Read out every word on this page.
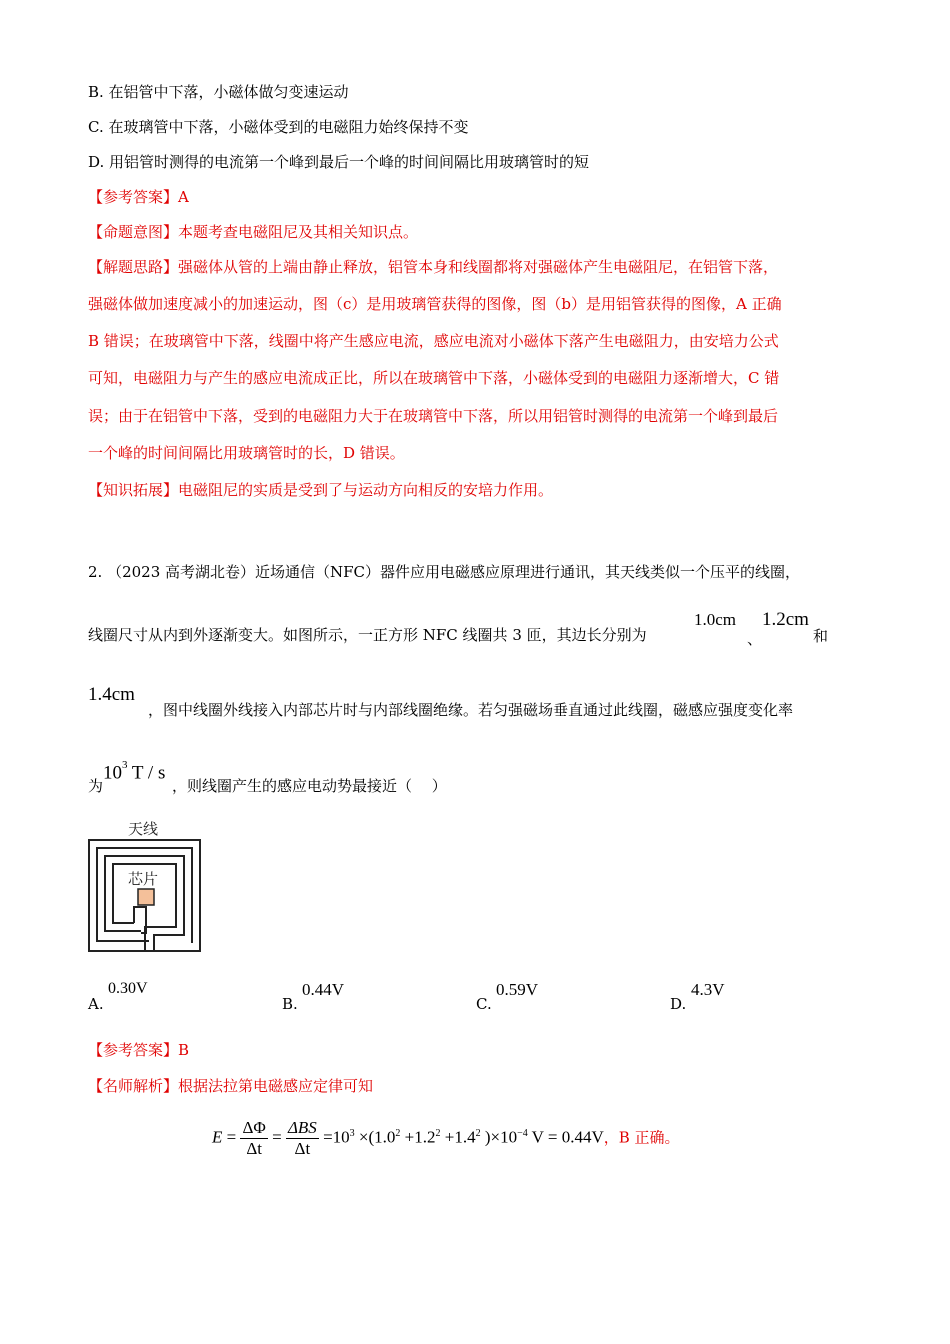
B. 在铝管中下落，小磁体做匀变速运动
C. 在玻璃管中下落，小磁体受到的电磁阻力始终保持不变
D. 用铝管时测得的电流第一个峰到最后一个峰的时间间隔比用玻璃管时的短
【参考答案】A
【命题意图】本题考查电磁阻尼及其相关知识点。
【解题思路】强磁体从管的上端由静止释放，铝管本身和线圈都将对强磁体产生电磁阻尼，在铝管下落，
强磁体做加速度减小的加速运动，图（c）是用玻璃管获得的图像，图（b）是用铝管获得的图像，A 正确
B 错误；在玻璃管中下落，线圈中将产生感应电流，感应电流对小磁体下落产生电磁阻力，由安培力公式
可知，电磁阻力与产生的感应电流成正比，所以在玻璃管中下落，小磁体受到的电磁阻力逐渐增大，C 错
误；由于在铝管中下落，受到的电磁阻力大于在玻璃管中下落，所以用铝管时测得的电流第一个峰到最后
一个峰的时间间隔比用玻璃管时的长，D 错误。
【知识拓展】电磁阻尼的实质是受到了与运动方向相反的安培力作用。
2. （2023 高考湖北卷）近场通信（NFC）器件应用电磁感应原理进行通讯，其天线类似一个压平的线圈，
线圈尺寸从内到外逐渐变大。如图所示，一正方形 NFC 线圈共 3 匝，其边长分别为
1.0cm
、
1.2cm
和
1.4cm
，图中线圈外线接入内部芯片时与内部线圈绝缘。若匀强磁场垂直通过此线圈，磁感应强度变化率
为
$10^3$ T / s
，则线圈产生的感应电动势最接近（　 ）
天线
芯片
A.
0.30V
B.
0.44V
C.
0.59V
D.
4.3V
【参考答案】B
【名师解析】根据法拉第电磁感应定律可知
$E = \frac{\Delta\Phi}{\Delta t} = \frac{\text{ΔBS}}{\Delta t} =10^3 \times(1.0^2 +1.2^2 +1.4^2$ )$\times 10^{-4}$ V = 0.44V，B 正确。
